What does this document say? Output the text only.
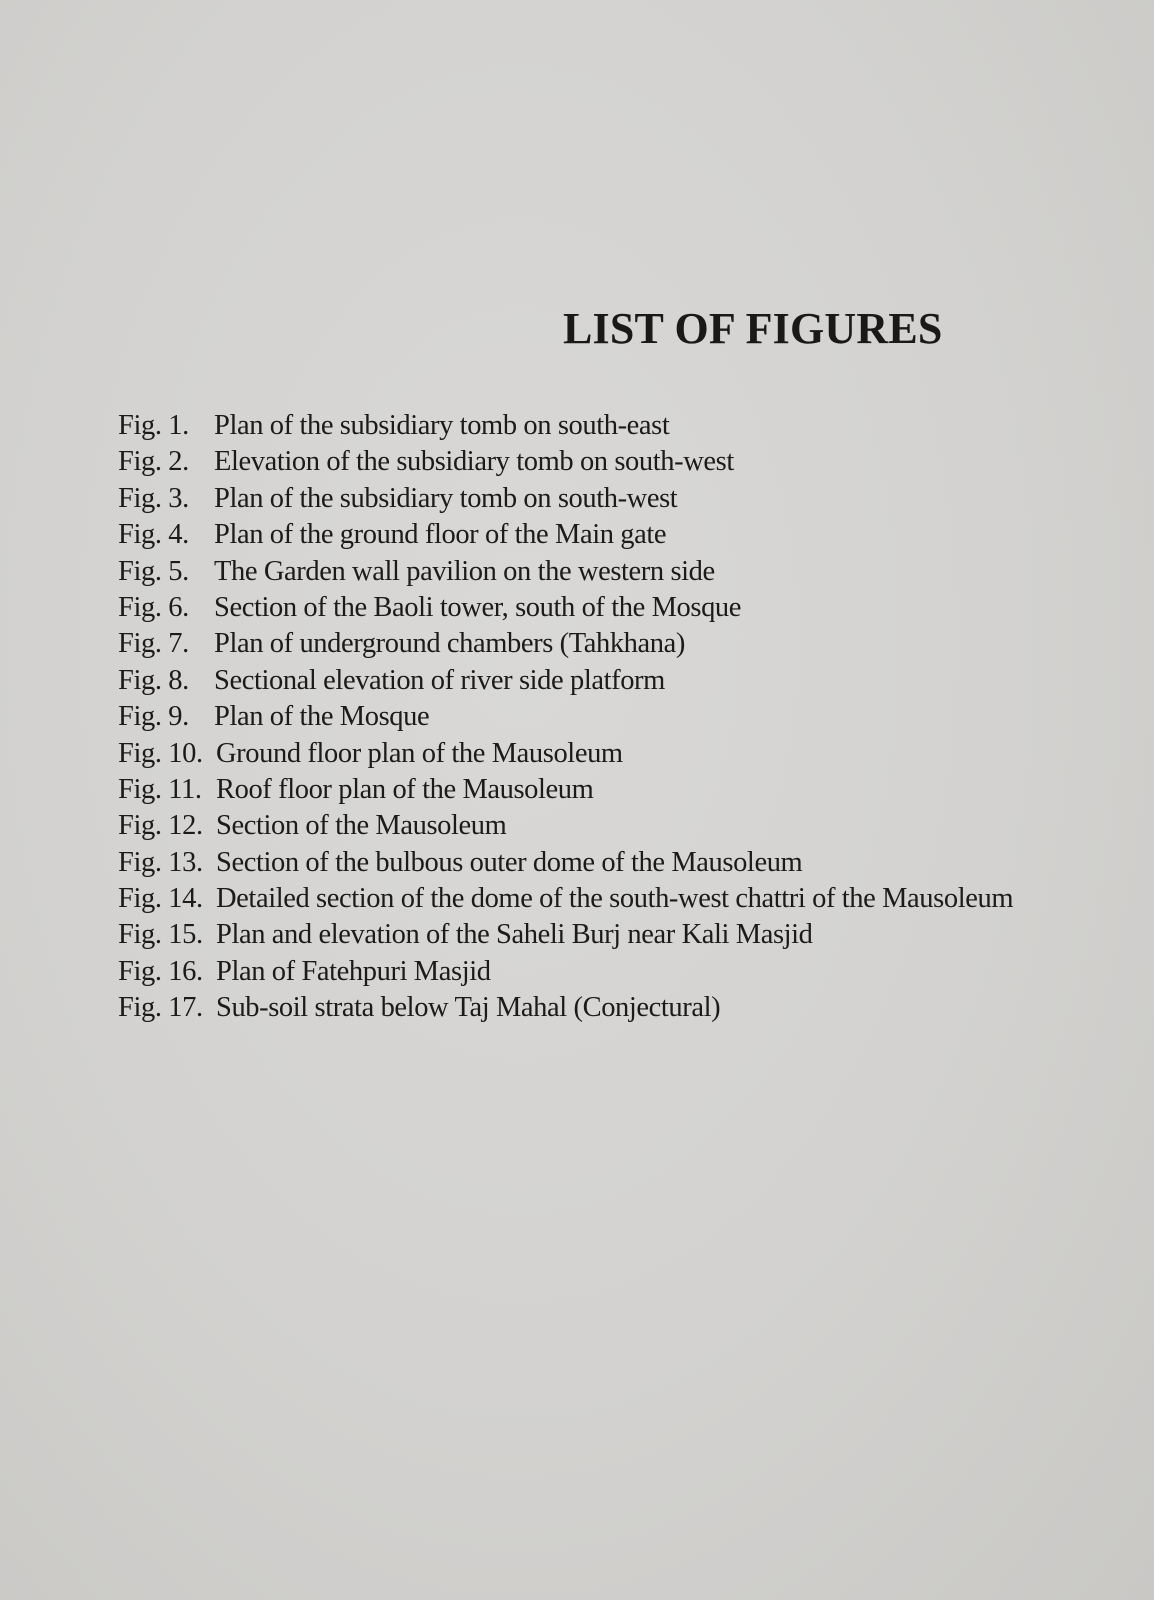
LIST OF FIGURES
Fig. 1. Plan of the subsidiary tomb on south-east
Fig. 2. Elevation of the subsidiary tomb on south-west
Fig. 3. Plan of the subsidiary tomb on south-west
Fig. 4. Plan of the ground floor of the Main gate
Fig. 5. The Garden wall pavilion on the western side
Fig. 6. Section of the Baoli tower, south of the Mosque
Fig. 7. Plan of underground chambers (Tahkhana)
Fig. 8. Sectional elevation of river side platform
Fig. 9. Plan of the Mosque
Fig. 10. Ground floor plan of the Mausoleum
Fig. 11. Roof floor plan of the Mausoleum
Fig. 12. Section of the Mausoleum
Fig. 13. Section of the bulbous outer dome of the Mausoleum
Fig. 14. Detailed section of the dome of the south-west chattri of the Mausoleum
Fig. 15. Plan and elevation of the Saheli Burj near Kali Masjid
Fig. 16. Plan of Fatehpuri Masjid
Fig. 17. Sub-soil strata below Taj Mahal (Conjectural)
